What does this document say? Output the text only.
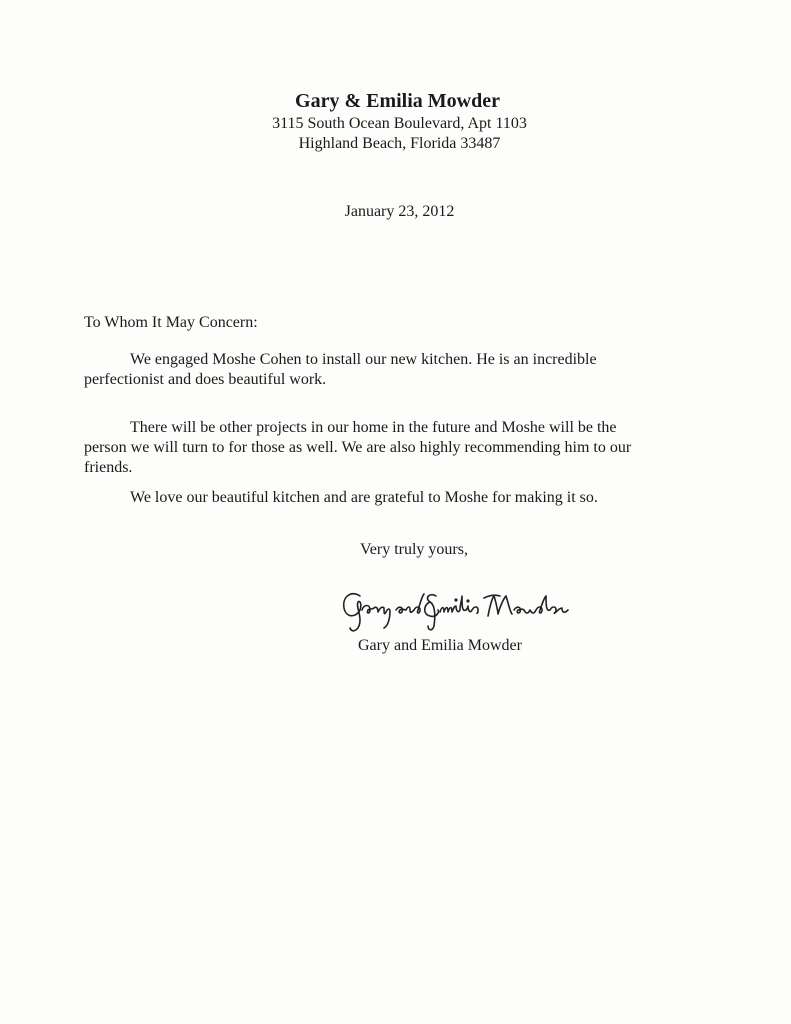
Gary & Emilia Mowder

3115 South Ocean Boulevard, Apt 1103

Highland Beach, Florida 33487

January 23, 2012

To Whom It May Concern:

We engaged Moshe Cohen to install our new kitchen. He is an incredible perfectionist and does beautiful work.

There will be other projects in our home in the future and Moshe will be the person we will turn to for those as well. We are also highly recommending him to our friends.

We love our beautiful kitchen and are grateful to Moshe for making it so.

Very truly yours,

Gary and Emilia Mowder
